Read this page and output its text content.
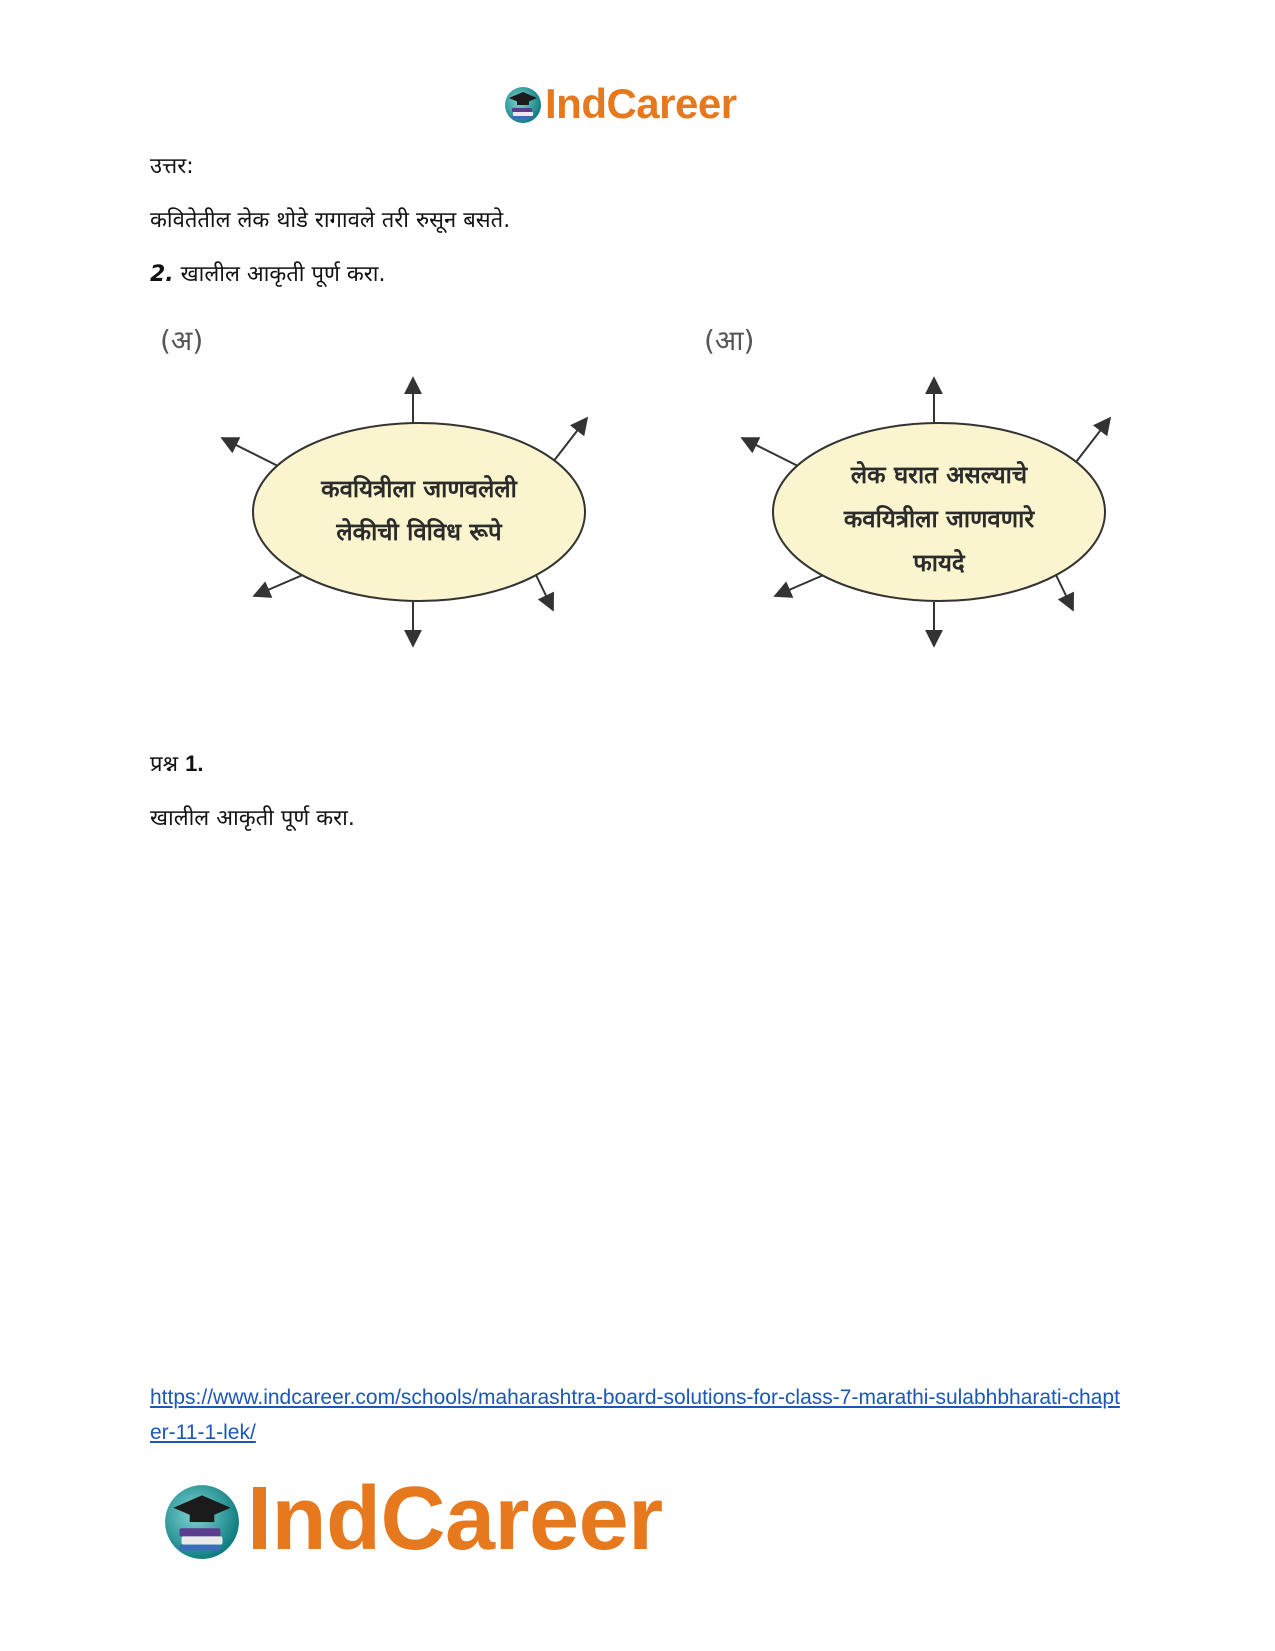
IndCareer
उत्तर:
कवितेतील लेक थोडे रागावले तरी रुसून बसते.
2. खालील आकृती पूर्ण करा.
(अ)
कवयित्रीला जाणवलेली
लेकीची विविध रूपे
(आ)
लेक घरात असल्याचे
कवयित्रीला जाणवणारे
फायदे
प्रश्न 1.
खालील आकृती पूर्ण करा.
https://www.indcareer.com/schools/maharashtra-board-solutions-for-class-7-marathi-sulabhbharati-chapter-11-1-lek/
IndCareer
